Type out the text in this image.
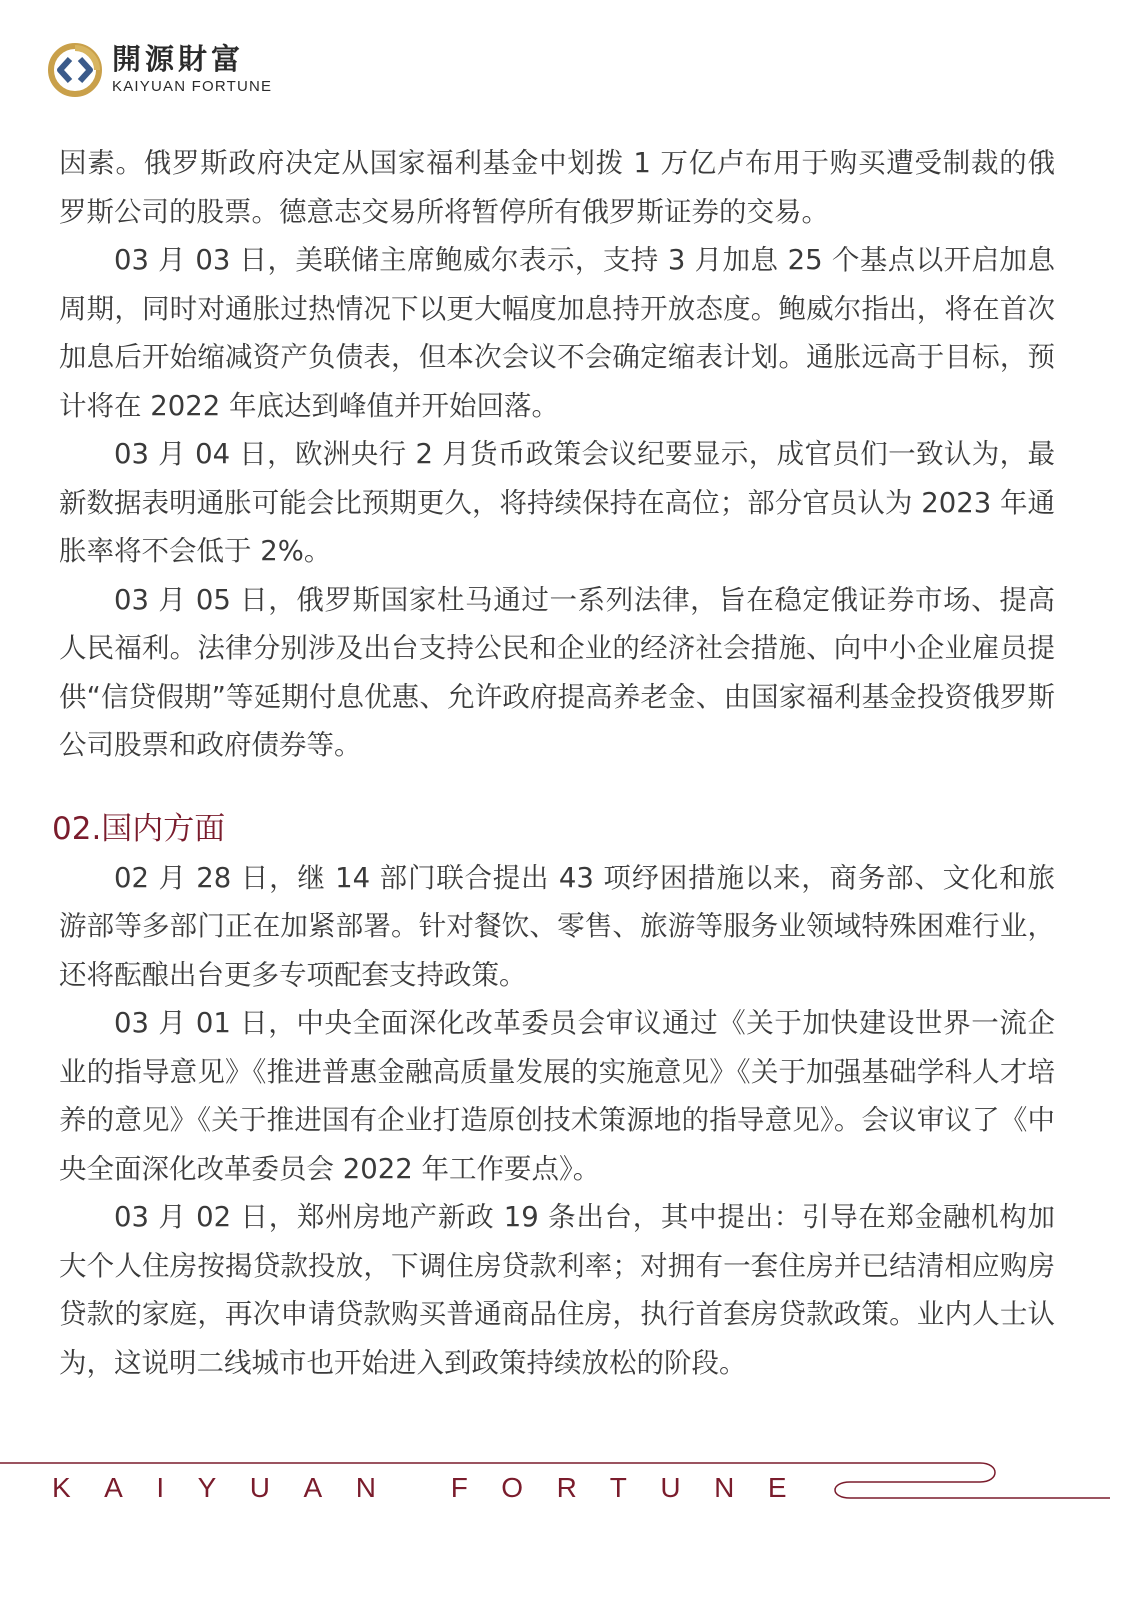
開源財富
KAIYUAN FORTUNE

因素。俄罗斯政府决定从国家福利基金中划拨 1 万亿卢布用于购买遭受制裁的俄罗斯公司的股票。德意志交易所将暂停所有俄罗斯证券的交易。

03 月 03 日，美联储主席鲍威尔表示，支持 3 月加息 25 个基点以开启加息周期，同时对通胀过热情况下以更大幅度加息持开放态度。鲍威尔指出，将在首次加息后开始缩减资产负债表，但本次会议不会确定缩表计划。通胀远高于目标，预计将在 2022 年底达到峰值并开始回落。

03 月 04 日，欧洲央行 2 月货币政策会议纪要显示，成官员们一致认为，最新数据表明通胀可能会比预期更久，将持续保持在高位；部分官员认为 2023 年通胀率将不会低于 2%。

03 月 05 日，俄罗斯国家杜马通过一系列法律，旨在稳定俄证券市场、提高人民福利。法律分别涉及出台支持公民和企业的经济社会措施、向中小企业雇员提供“信贷假期”等延期付息优惠、允许政府提高养老金、由国家福利基金投资俄罗斯公司股票和政府债券等。

02.国内方面

02 月 28 日，继 14 部门联合提出 43 项纾困措施以来，商务部、文化和旅游部等多部门正在加紧部署。针对餐饮、零售、旅游等服务业领域特殊困难行业，还将酝酿出台更多专项配套支持政策。

03 月 01 日，中央全面深化改革委员会审议通过《关于加快建设世界一流企业的指导意见》《推进普惠金融高质量发展的实施意见》《关于加强基础学科人才培养的意见》《关于推进国有企业打造原创技术策源地的指导意见》。会议审议了《中央全面深化改革委员会 2022 年工作要点》。

03 月 02 日，郑州房地产新政 19 条出台，其中提出：引导在郑金融机构加大个人住房按揭贷款投放，下调住房贷款利率；对拥有一套住房并已结清相应购房贷款的家庭，再次申请贷款购买普通商品住房，执行首套房贷款政策。业内人士认为，这说明二线城市也开始进入到政策持续放松的阶段。

KAIYUAN FORTUNE
